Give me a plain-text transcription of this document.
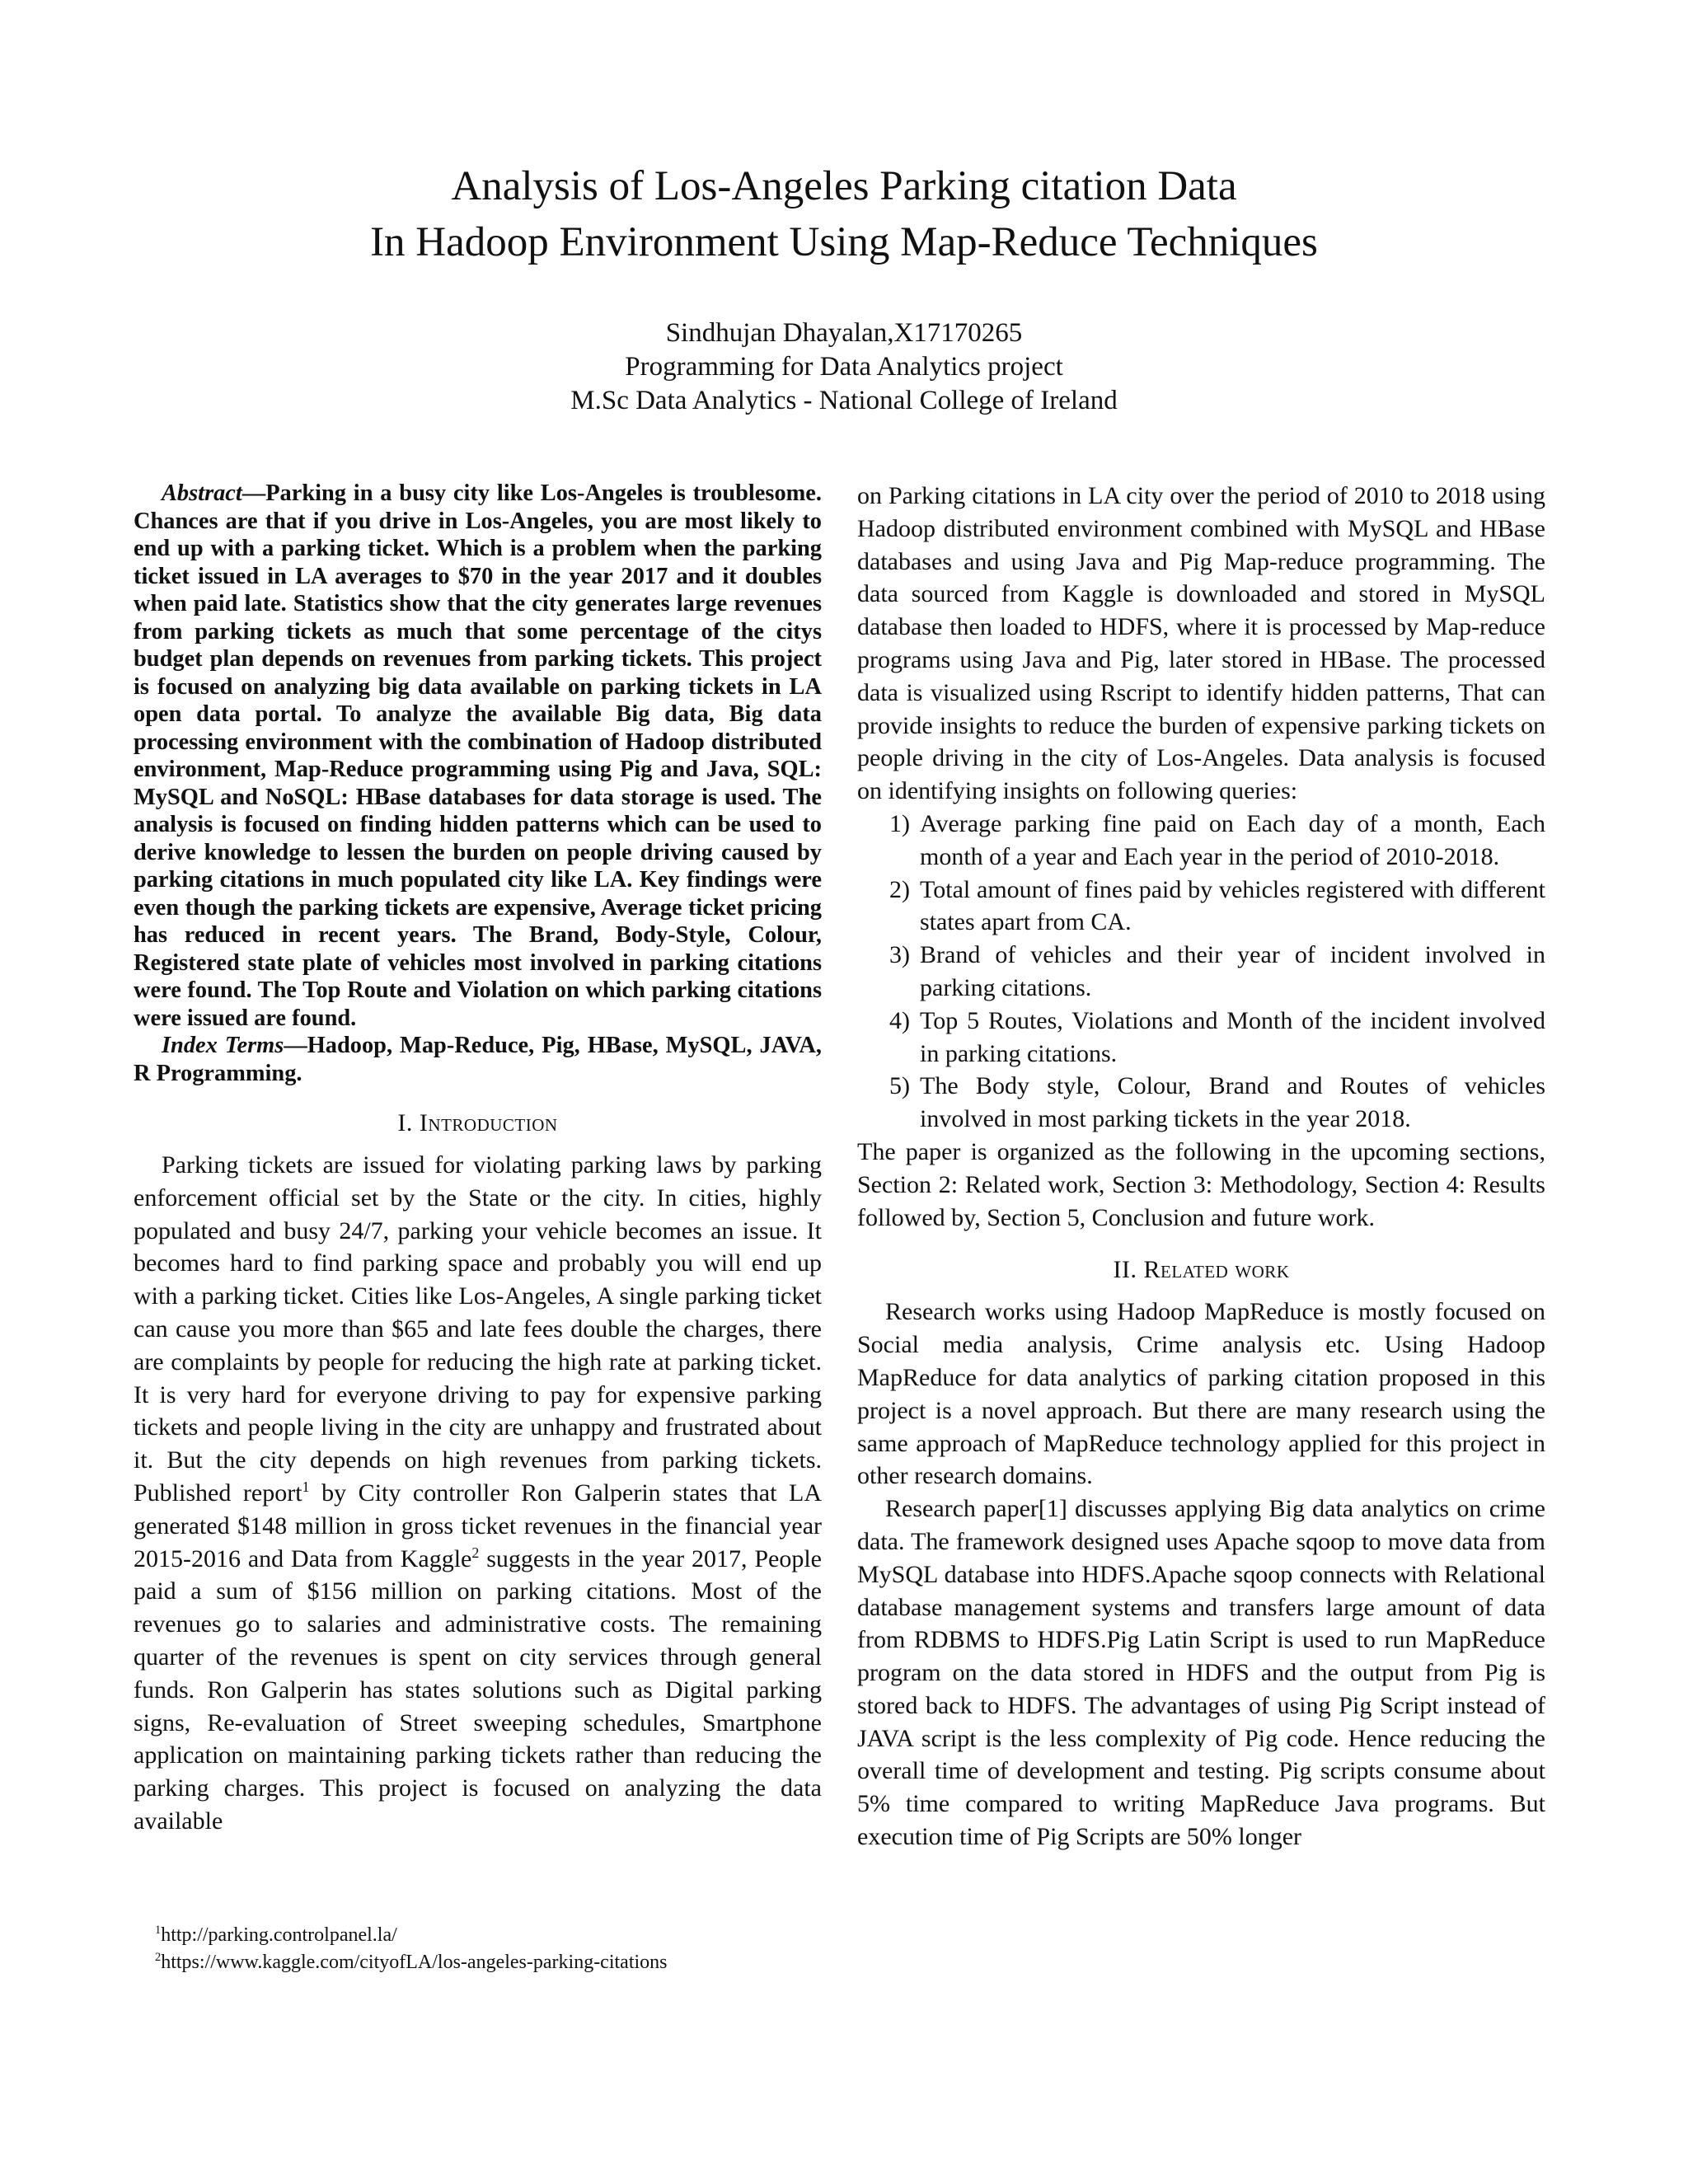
Analysis of Los-Angeles Parking citation Data
In Hadoop Environment Using Map-Reduce Techniques
Sindhujan Dhayalan,X17170265
Programming for Data Analytics project
M.Sc Data Analytics - National College of Ireland

Abstract—Parking in a busy city like Los-Angeles is troublesome. Chances are that if you drive in Los-Angeles, you are most likely to end up with a parking ticket. Which is a problem when the parking ticket issued in LA averages to $70 in the year 2017 and it doubles when paid late. Statistics show that the city generates large revenues from parking tickets as much that some percentage of the citys budget plan depends on revenues from parking tickets. This project is focused on analyzing big data available on parking tickets in LA open data portal. To analyze the available Big data, Big data processing environment with the combination of Hadoop distributed environment, Map-Reduce programming using Pig and Java, SQL: MySQL and NoSQL: HBase databases for data storage is used. The analysis is focused on finding hidden patterns which can be used to derive knowledge to lessen the burden on people driving caused by parking citations in much populated city like LA. Key findings were even though the parking tickets are expensive, Average ticket pricing has reduced in recent years. The Brand, Body-Style, Colour, Registered state plate of vehicles most involved in parking citations were found. The Top Route and Violation on which parking citations were issued are found.

Index Terms—Hadoop, Map-Reduce, Pig, HBase, MySQL, JAVA, R Programming.

I. Introduction

Parking tickets are issued for violating parking laws by parking enforcement official set by the State or the city. In cities, highly populated and busy 24/7, parking your vehicle becomes an issue. It becomes hard to find parking space and probably you will end up with a parking ticket. Cities like Los-Angeles, A single parking ticket can cause you more than $65 and late fees double the charges, there are complaints by people for reducing the high rate at parking ticket. It is very hard for everyone driving to pay for expensive parking tickets and people living in the city are unhappy and frustrated about it. But the city depends on high revenues from parking tickets. Published report$^1$ by City controller Ron Galperin states that LA generated $148 million in gross ticket revenues in the financial year 2015-2016 and Data from Kaggle$^2$ suggests in the year 2017, People paid a sum of $156 million on parking citations. Most of the revenues go to salaries and administrative costs. The remaining quarter of the revenues is spent on city services through general funds. Ron Galperin has states solutions such as Digital parking signs, Re-evaluation of Street sweeping schedules, Smartphone application on maintaining parking tickets rather than reducing the parking charges. This project is focused on analyzing the data available

$^1$http://parking.controlpanel.la/
$^2$https://www.kaggle.com/cityofLA/los-angeles-parking-citations

on Parking citations in LA city over the period of 2010 to 2018 using Hadoop distributed environment combined with MySQL and HBase databases and using Java and Pig Map-reduce programming. The data sourced from Kaggle is downloaded and stored in MySQL database then loaded to HDFS, where it is processed by Map-reduce programs using Java and Pig, later stored in HBase. The processed data is visualized using Rscript to identify hidden patterns, That can provide insights to reduce the burden of expensive parking tickets on people driving in the city of Los-Angeles. Data analysis is focused on identifying insights on following queries:

1) Average parking fine paid on Each day of a month, Each month of a year and Each year in the period of 2010-2018.
2) Total amount of fines paid by vehicles registered with different states apart from CA.
3) Brand of vehicles and their year of incident involved in parking citations.
4) Top 5 Routes, Violations and Month of the incident involved in parking citations.
5) The Body style, Colour, Brand and Routes of vehicles involved in most parking tickets in the year 2018.

The paper is organized as the following in the upcoming sections, Section 2: Related work, Section 3: Methodology, Section 4: Results followed by, Section 5, Conclusion and future work.

II. Related work

Research works using Hadoop MapReduce is mostly focused on Social media analysis, Crime analysis etc. Using Hadoop MapReduce for data analytics of parking citation proposed in this project is a novel approach. But there are many research using the same approach of MapReduce technology applied for this project in other research domains.

Research paper[1] discusses applying Big data analytics on crime data. The framework designed uses Apache sqoop to move data from MySQL database into HDFS.Apache sqoop connects with Relational database management systems and transfers large amount of data from RDBMS to HDFS.Pig Latin Script is used to run MapReduce program on the data stored in HDFS and the output from Pig is stored back to HDFS. The advantages of using Pig Script instead of JAVA script is the less complexity of Pig code. Hence reducing the overall time of development and testing. Pig scripts consume about 5% time compared to writing MapReduce Java programs. But execution time of Pig Scripts are 50% longer
